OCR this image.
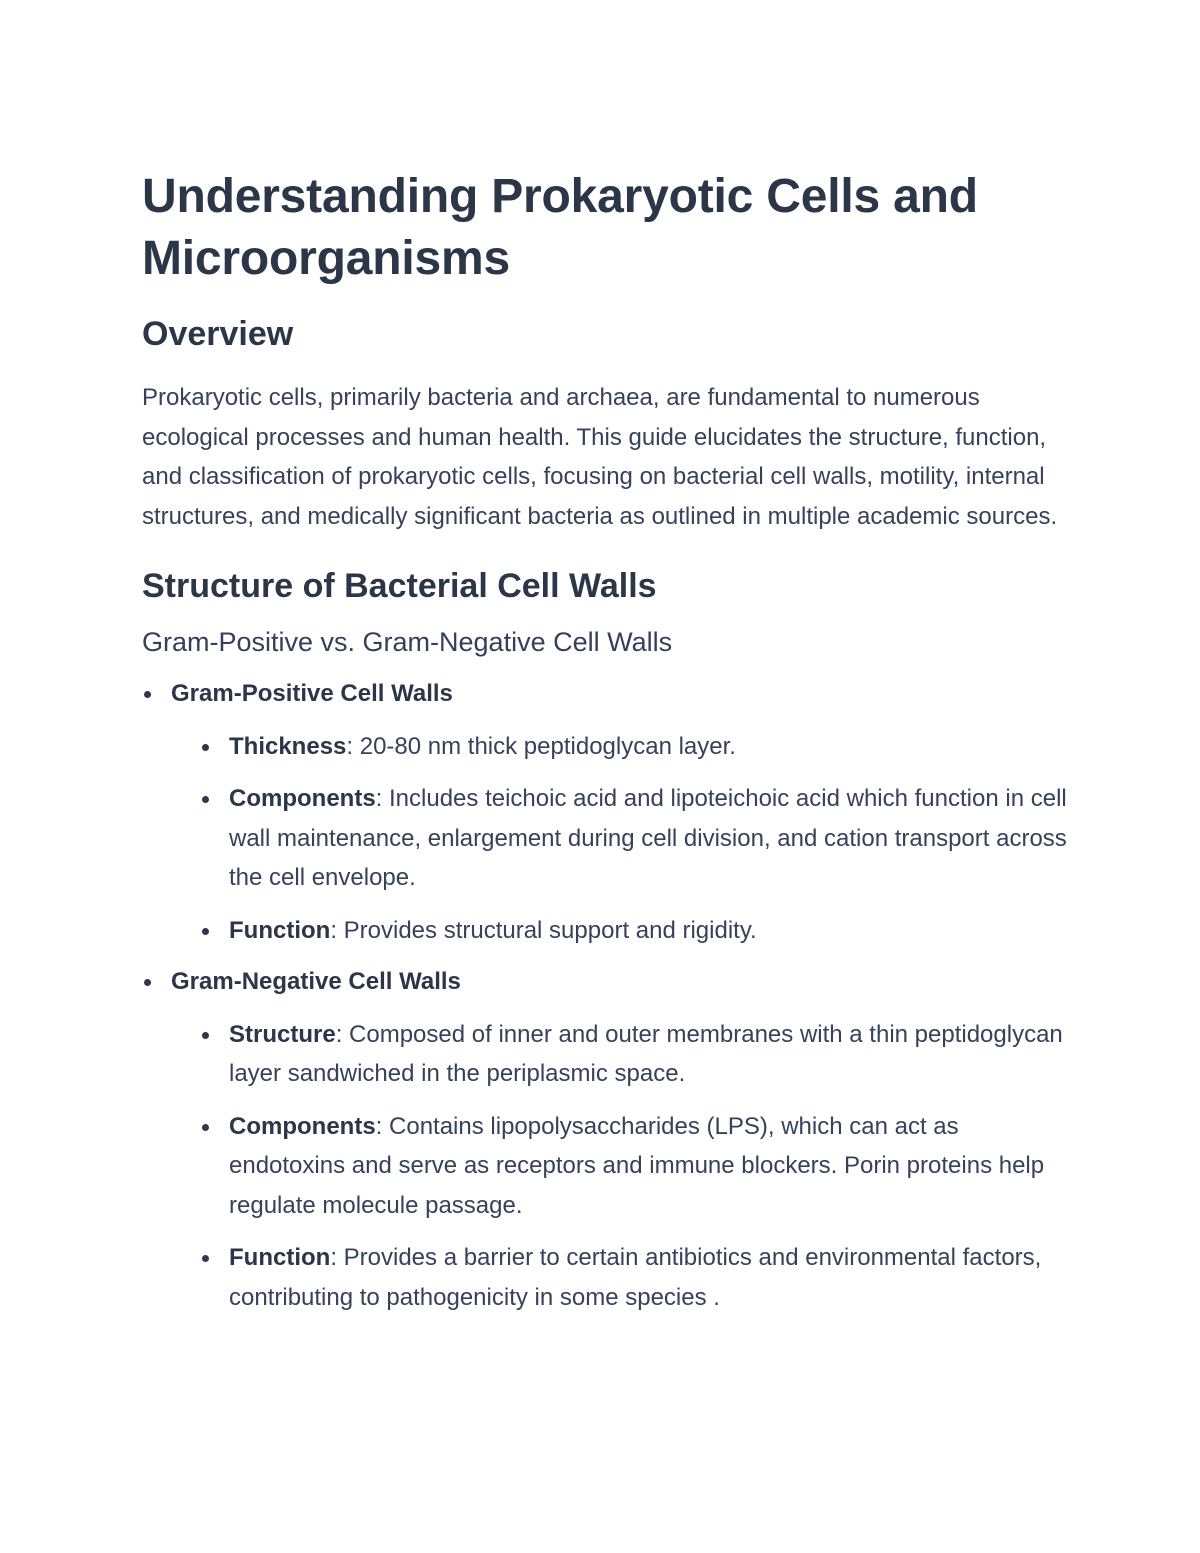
Understanding Prokaryotic Cells and Microorganisms
Overview

Prokaryotic cells, primarily bacteria and archaea, are fundamental to numerous ecological processes and human health. This guide elucidates the structure, function, and classification of prokaryotic cells, focusing on bacterial cell walls, motility, internal structures, and medically significant bacteria as outlined in multiple academic sources.

Structure of Bacterial Cell Walls
Gram-Positive vs. Gram-Negative Cell Walls
Gram-Positive Cell Walls
Thickness: 20-80 nm thick peptidoglycan layer.
Components: Includes teichoic acid and lipoteichoic acid which function in cell wall maintenance, enlargement during cell division, and cation transport across the cell envelope.
Function: Provides structural support and rigidity.
Gram-Negative Cell Walls
Structure: Composed of inner and outer membranes with a thin peptidoglycan layer sandwiched in the periplasmic space.
Components: Contains lipopolysaccharides (LPS), which can act as endotoxins and serve as receptors and immune blockers. Porin proteins help regulate molecule passage.
Function: Provides a barrier to certain antibiotics and environmental factors, contributing to pathogenicity in some species .
